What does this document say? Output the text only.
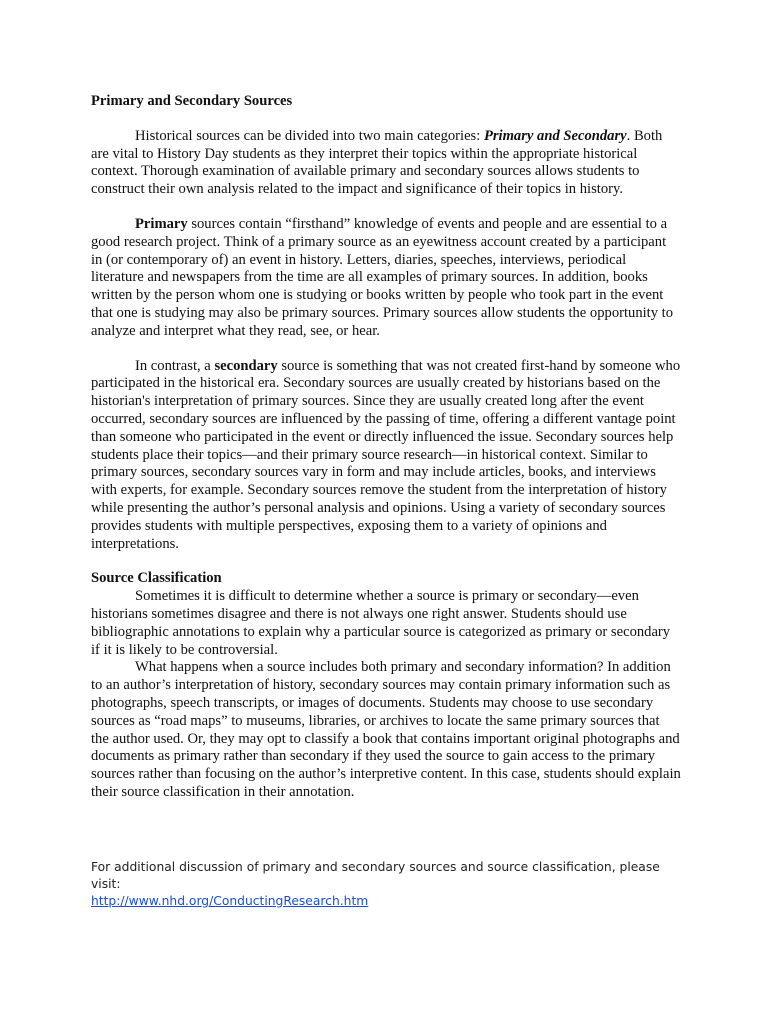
Primary and Secondary Sources

Historical sources can be divided into two main categories: Primary and Secondary. Both are vital to History Day students as they interpret their topics within the appropriate historical context. Thorough examination of available primary and secondary sources allows students to construct their own analysis related to the impact and significance of their topics in history.

Primary sources contain “firsthand” knowledge of events and people and are essential to a good research project. Think of a primary source as an eyewitness account created by a participant in (or contemporary of) an event in history. Letters, diaries, speeches, interviews, periodical literature and newspapers from the time are all examples of primary sources. In addition, books written by the person whom one is studying or books written by people who took part in the event that one is studying may also be primary sources. Primary sources allow students the opportunity to analyze and interpret what they read, see, or hear.

In contrast, a secondary source is something that was not created first-hand by someone who participated in the historical era. Secondary sources are usually created by historians based on the historian's interpretation of primary sources. Since they are usually created long after the event occurred, secondary sources are influenced by the passing of time, offering a different vantage point than someone who participated in the event or directly influenced the issue. Secondary sources help students place their topics—and their primary source research—in historical context. Similar to primary sources, secondary sources vary in form and may include articles, books, and interviews with experts, for example. Secondary sources remove the student from the interpretation of history while presenting the author’s personal analysis and opinions. Using a variety of secondary sources provides students with multiple perspectives, exposing them to a variety of opinions and interpretations.

Source Classification

Sometimes it is difficult to determine whether a source is primary or secondary—even historians sometimes disagree and there is not always one right answer. Students should use bibliographic annotations to explain why a particular source is categorized as primary or secondary if it is likely to be controversial.

What happens when a source includes both primary and secondary information? In addition to an author’s interpretation of history, secondary sources may contain primary information such as photographs, speech transcripts, or images of documents. Students may choose to use secondary sources as “road maps” to museums, libraries, or archives to locate the same primary sources that the author used. Or, they may opt to classify a book that contains important original photographs and documents as primary rather than secondary if they used the source to gain access to the primary sources rather than focusing on the author’s interpretive content. In this case, students should explain their source classification in their annotation.

For additional discussion of primary and secondary sources and source classification, please visit:
http://www.nhd.org/ConductingResearch.htm
